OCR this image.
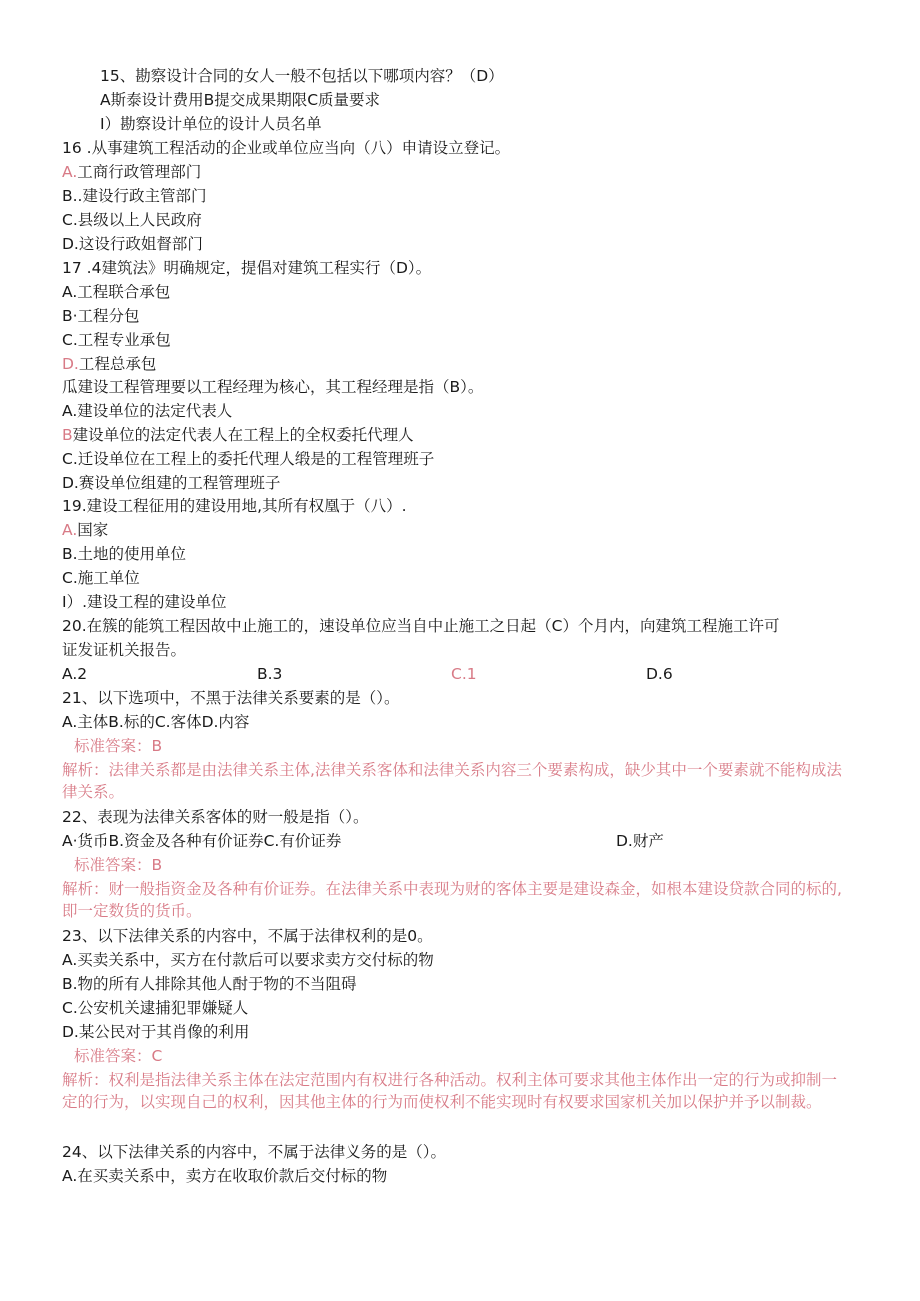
15、勘察设计合同的女人一般不包括以下哪项内容？（D）
A斯泰设计费用B提交成果期限C质量要求
I）勘察设计单位的设计人员名单
16 .从事建筑工程活动的企业或单位应当向（八）申请设立登记。
A.工商行政管理部门
B..建设行政主管部门
C.县级以上人民政府
D.这设行政姐督部门
17 .4建筑法》明确规定，提倡对建筑工程实行（D）。
A.工程联合承包
B·工程分包
C.工程专业承包
D.工程总承包
瓜建设工程管理要以工程经理为核心，其工程经理是指（B）。
A.建设单位的法定代表人
B建设单位的法定代表人在工程上的全权委托代理人
C.迁设单位在工程上的委托代理人缎是的工程管理班子
D.赛设单位组建的工程管理班子
19.建设工程征用的建设用地,其所有权凰于（八）.
A.国家
B.土地的使用单位
C.施工单位
I）.建设工程的建设单位
20.在簇的能筑工程因故中止施工的，速设单位应当自中止施工之日起（C）个月内，向建筑工程施工许可
证发证机关报告。
A.2	B.3	C.1	D.6
21、以下选项中，不黑于法律关系要素的是（）。
A.主体B.标的C.客体D.内容
标准答案：B
解析：法律关系都是由法律关系主体,法律关系客体和法律关系内容三个要素构成，缺少其中一个要素就不能构成法律关系。
22、表现为法律关系客体的财一般是指（）。
A·货币B.资金及各种有价证券C.有价证券	D.财产
标准答案：B
解析：财一般指资金及各种有价证券。在法律关系中表现为财的客体主要是建设森金，如根本建设贷款合同的标的,即一定数货的货币。
23、以下法律关系的内容中，不属于法律权利的是0。
A.买卖关系中，买方在付款后可以要求卖方交付标的物
B.物的所有人排除其他人酎于物的不当阻碍
C.公安机关逮捕犯罪嫌疑人
D.某公民对于其肖像的利用
标准答案：C
解析：权利是指法律关系主体在法定范围内有权进行各种活动。权利主体可要求其他主体作出一定的行为或抑制一定的行为，以实现自己的权利，因其他主体的行为而使权利不能实现时有权要求国家机关加以保护并予以制裁。
24、以下法律关系的内容中，不属于法律义务的是（）。
A.在买卖关系中，卖方在收取价款后交付标的物
